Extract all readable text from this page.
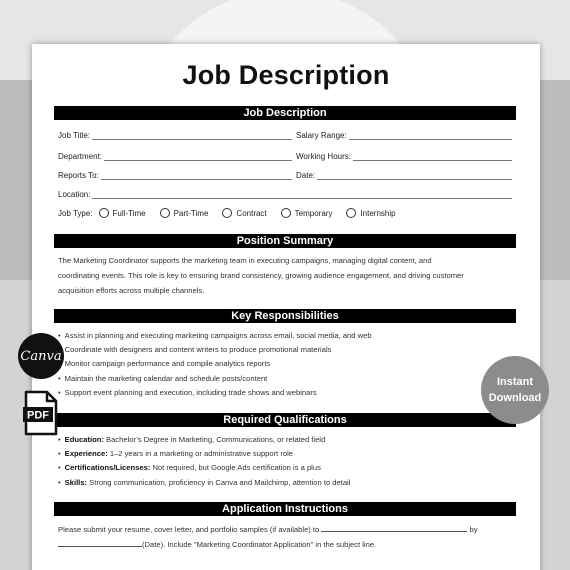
Job Description
Job Description
Job Title:	Salary Range:
Department:	Working Hours:
Reports To:	Date:
Location:
Job Type:	Full-Time	Part-Time	Contract	Temporary	Internship
Position Summary
The Marketing Coordinator supports the marketing team in executing campaigns, managing digital content, and
coordinating events. This role is key to ensuring brand consistency, growing audience engagement, and driving customer
acquisition efforts across multiple channels.
Key Responsibilities
• Assist in planning and executing marketing campaigns across email, social media, and web
• Coordinate with designers and content writers to produce promotional materials
• Monitor campaign performance and compile analytics reports
• Maintain the marketing calendar and schedule posts/content
• Support event planning and execution, including trade shows and webinars
Required Qualifications
• Education: Bachelor’s Degree in Marketing, Communications, or related field
• Experience: 1–2 years in a marketing or administrative support role
• Certifications/Licenses: Not required, but Google Ads certification is a plus
• Skills: Strong communication, proficiency in Canva and Mailchimp, attention to detail
Application Instructions
Please submit your resume, cover letter, and portfolio samples (if available) to	by
(Date). Include "Marketing Coordinator Application" in the subject line.
Canva
PDF
Instant
Download
